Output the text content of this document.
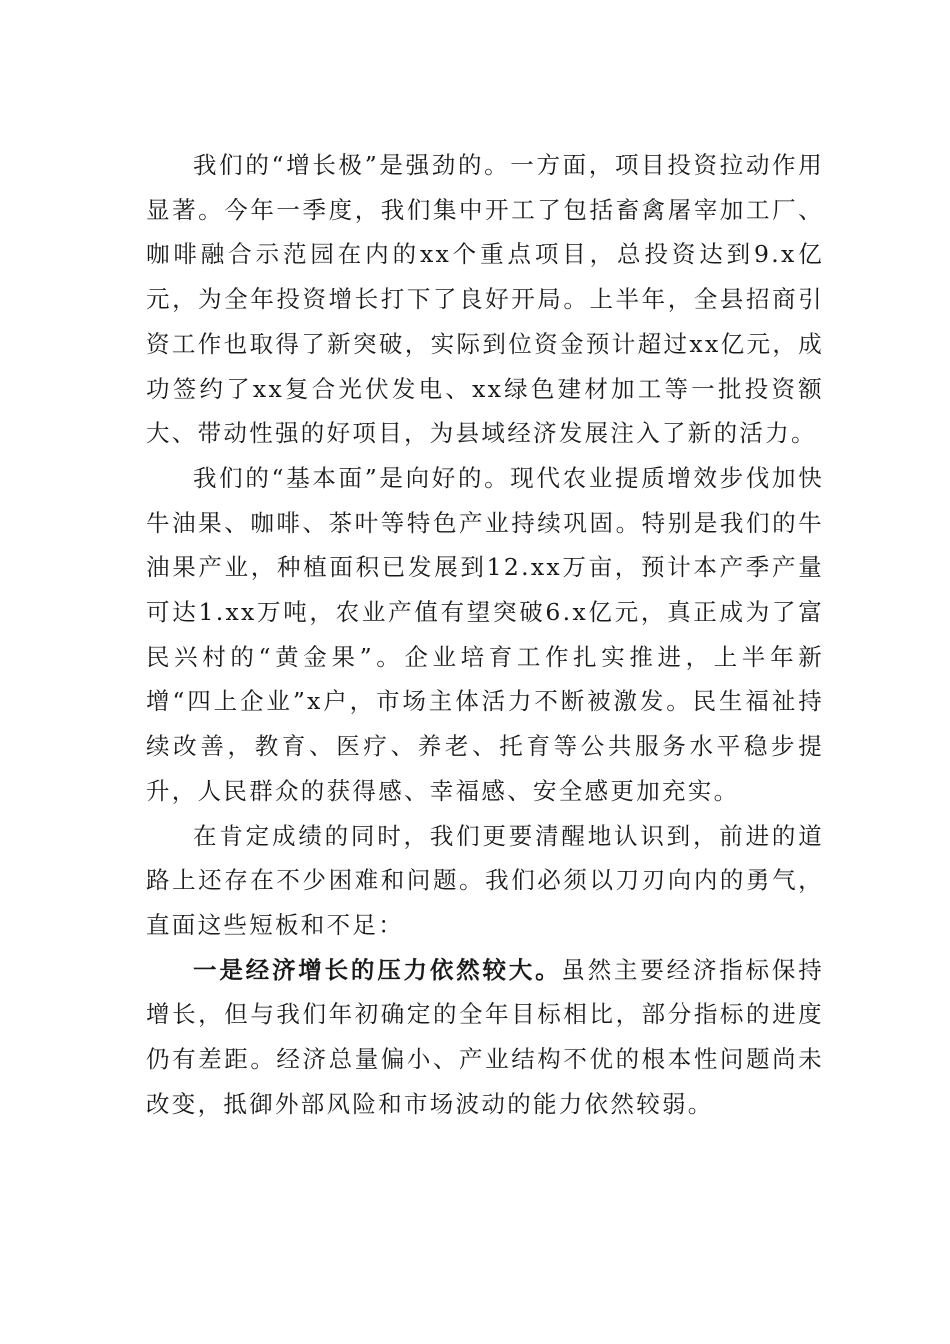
我们的“增长极”是强劲的。一方面，项目投资拉动作用显著。今年一季度，我们集中开工了包括畜禽屠宰加工厂、咖啡融合示范园在内的xx个重点项目，总投资达到9.x亿元，为全年投资增长打下了良好开局。上半年，全县招商引资工作也取得了新突破，实际到位资金预计超过xx亿元，成功签约了xx复合光伏发电、xx绿色建材加工等一批投资额大、带动性强的好项目，为县域经济发展注入了新的活力。

我们的“基本面”是向好的。现代农业提质增效步伐加快牛油果、咖啡、茶叶等特色产业持续巩固。特别是我们的牛油果产业，种植面积已发展到12.xx万亩，预计本产季产量可达1.xx万吨，农业产值有望突破6.x亿元，真正成为了富民兴村的“黄金果”。企业培育工作扎实推进，上半年新增“四上企业”x户，市场主体活力不断被激发。民生福祉持续改善，教育、医疗、养老、托育等公共服务水平稳步提升，人民群众的获得感、幸福感、安全感更加充实。

在肯定成绩的同时，我们更要清醒地认识到，前进的道路上还存在不少困难和问题。我们必须以刀刃向内的勇气，直面这些短板和不足：

一是经济增长的压力依然较大。虽然主要经济指标保持增长，但与我们年初确定的全年目标相比，部分指标的进度仍有差距。经济总量偏小、产业结构不优的根本性问题尚未改变，抵御外部风险和市场波动的能力依然较弱。
